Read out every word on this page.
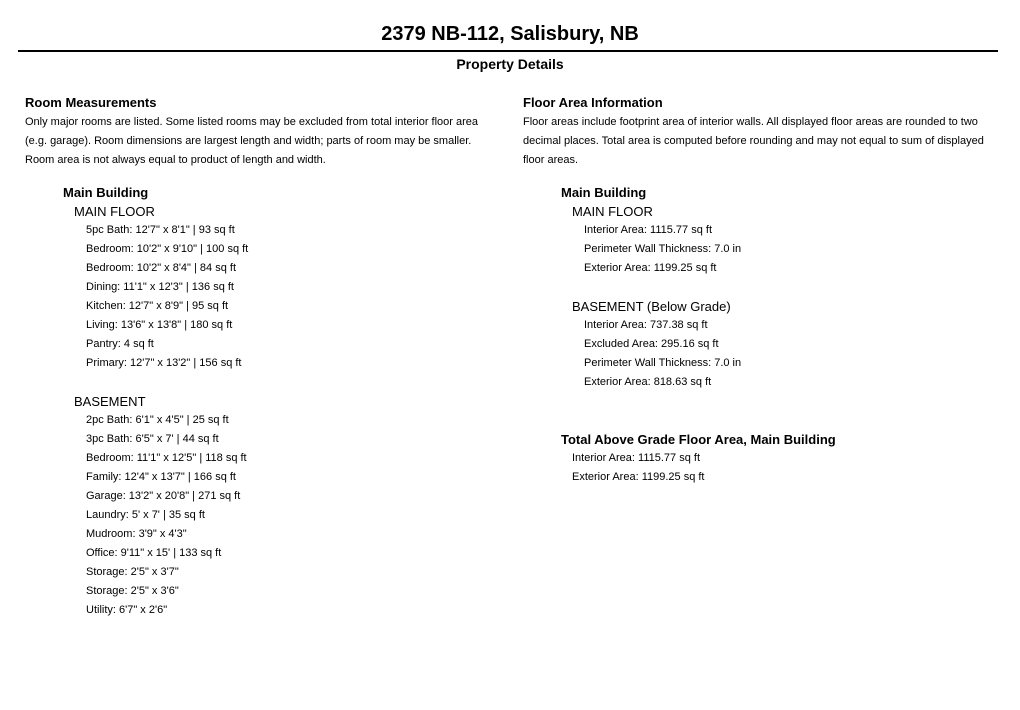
2379 NB-112, Salisbury, NB
Property Details
Room Measurements
Only major rooms are listed. Some listed rooms may be excluded from total interior floor area
(e.g. garage). Room dimensions are largest length and width; parts of room may be smaller.
Room area is not always equal to product of length and width.
Main Building
MAIN FLOOR
5pc Bath: 12'7" x 8'1" | 93 sq ft
Bedroom: 10'2" x 9'10" | 100 sq ft
Bedroom: 10'2" x 8'4" | 84 sq ft
Dining: 11'1" x 12'3" | 136 sq ft
Kitchen: 12'7" x 8'9" | 95 sq ft
Living: 13'6" x 13'8" | 180 sq ft
Pantry: 4 sq ft
Primary: 12'7" x 13'2" | 156 sq ft
BASEMENT
2pc Bath: 6'1" x 4'5" | 25 sq ft
3pc Bath: 6'5" x 7' | 44 sq ft
Bedroom: 11'1" x 12'5" | 118 sq ft
Family: 12'4" x 13'7" | 166 sq ft
Garage: 13'2" x 20'8" | 271 sq ft
Laundry: 5' x 7' | 35 sq ft
Mudroom: 3'9" x 4'3"
Office: 9'11" x 15' | 133 sq ft
Storage: 2'5" x 3'7"
Storage: 2'5" x 3'6"
Utility: 6'7" x 2'6"
Floor Area Information
Floor areas include footprint area of interior walls. All displayed floor areas are rounded to two
decimal places. Total area is computed before rounding and may not equal to sum of displayed
floor areas.
Main Building
MAIN FLOOR
Interior Area: 1115.77 sq ft
Perimeter Wall Thickness: 7.0 in
Exterior Area: 1199.25 sq ft
BASEMENT (Below Grade)
Interior Area: 737.38 sq ft
Excluded Area: 295.16 sq ft
Perimeter Wall Thickness: 7.0 in
Exterior Area: 818.63 sq ft
Total Above Grade Floor Area, Main Building
Interior Area: 1115.77 sq ft
Exterior Area: 1199.25 sq ft
